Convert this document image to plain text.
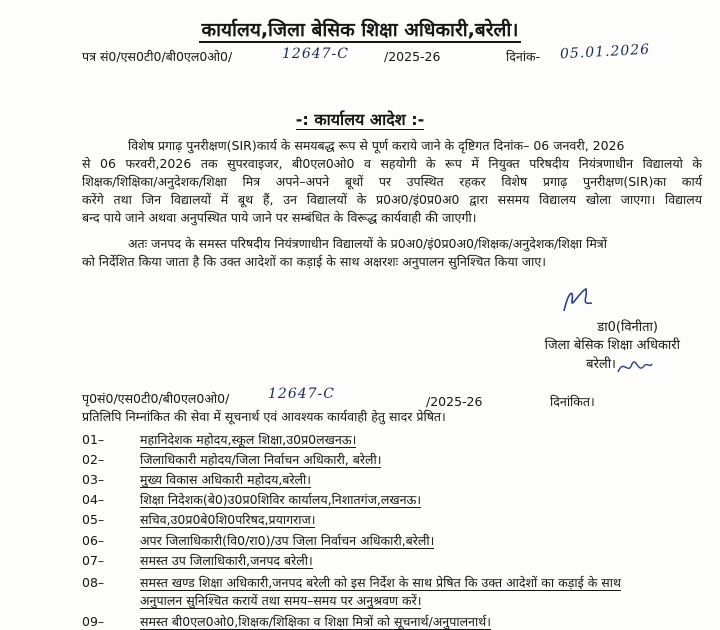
कार्यालय,जिला बेसिक शिक्षा अधिकारी,बरेली।
पत्र सं0/एस0टी0/बी0एल0ओ0/	12647-C	/2025-26	दिनांक- 05.01.2026
-: कार्यालय आदेश :-
विशेष प्रगाढ़ पुनरीक्षण(SIR)कार्य के समयबद्ध रूप से पूर्ण कराये जाने के दृष्टिगत दिनांक– 06 जनवरी, 2026
से 06 फरवरी,2026 तक सुपरवाइजर, बी0एल0ओ0 व सहयोगी के रूप में नियुक्त परिषदीय नियंत्रणाधीन विद्यालयो के
शिक्षक/शिक्षिका/अनुदेशक/शिक्षा मित्र अपने–अपने बूथों पर उपस्थित रहकर विशेष प्रगाढ़ पुनरीक्षण(SIR)का कार्य
करेंगे तथा जिन विद्यालयों में बूथ हैं, उन विद्यालयों के प्र0अ0/इं0प्र0अ0 द्वारा ससमय विद्यालय खोला जाएगा। विद्यालय
बन्द पाये जाने अथवा अनुपस्थित पाये जाने पर सम्बंधित के विरूद्ध कार्यवाही की जाएगी।
अतः जनपद के समस्त परिषदीय नियंत्रणाधीन विद्यालयों के प्र0अ0/इं0प्र0अ0/शिक्षक/अनुदेशक/शिक्षा मित्रों
को निर्देशित किया जाता है कि उक्त आदेशों का कड़ाई के साथ अक्षरशः अनुपालन सुनिश्चित किया जाए।
डा0(विनीता)
जिला बेसिक शिक्षा अधिकारी
बरेली।
पृ0सं0/एस0टी0/बी0एल0ओ0/	12647-C	/2025-26	दिनांकित।
प्रतिलिपि निम्नांकित की सेवा में सूचनार्थ एवं आवश्यक कार्यवाही हेतु सादर प्रेषित।
01–	महानिदेशक महोदय,स्कूल शिक्षा,उ0प्र0लखनऊ।
02–	जिलाधिकारी महोदय/जिला निर्वाचन अधिकारी, बरेली।
03–	मुख्य विकास अधिकारी महोदय,बरेली।
04–	शिक्षा निदेशक(बे0)उ0प्र0शिविर कार्यालय,निशातगंज,लखनऊ।
05–	सचिव,उ0प्र0बे0शि0परिषद,प्रयागराज।
06–	अपर जिलाधिकारी(वि0/रा0)/उप जिला निर्वाचन अधिकारी,बरेली।
07–	समस्त उप जिलाधिकारी,जनपद बरेली।
08–	समस्त खण्ड शिक्षा अधिकारी,जनपद बरेली को इस निर्देश के साथ प्रेषित कि उक्त आदेशों का कड़ाई के साथ
अनुपालन सुनिश्चित करायें तथा समय–समय पर अनुश्रवण करें।
09–	समस्त बी0एल0ओ0,शिक्षक/शिक्षिका व शिक्षा मित्रों को सूचनार्थ/अनुपालनार्थ।
